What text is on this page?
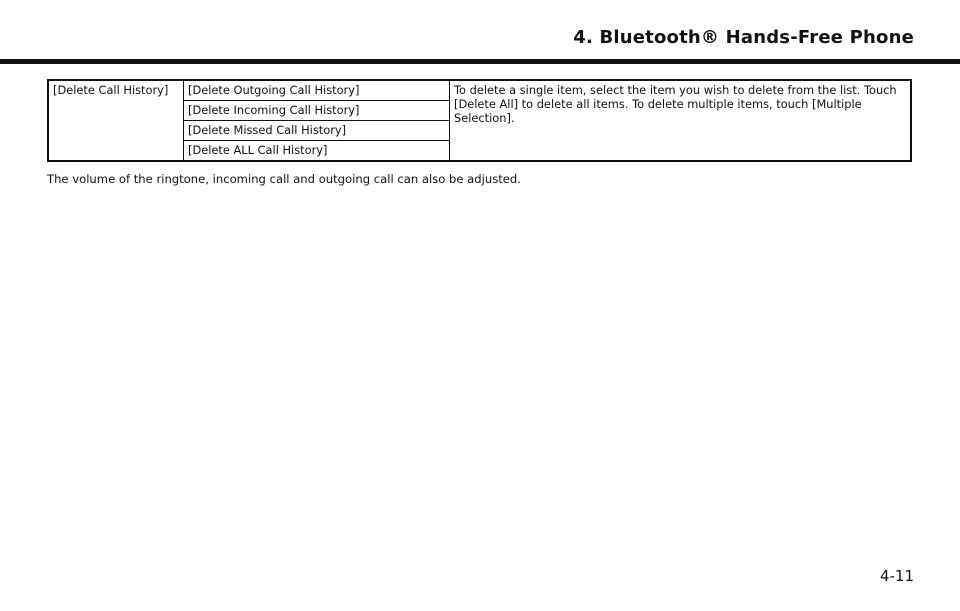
4. Bluetooth® Hands-Free Phone
[Delete Call History]	[Delete Outgoing Call History]	To delete a single item, select the item you wish to delete from the list. Touch [Delete All] to delete all items. To delete multiple items, touch [Multiple Selection].
[Delete Incoming Call History]
[Delete Missed Call History]
[Delete ALL Call History]

The volume of the ringtone, incoming call and outgoing call can also be adjusted.

4-11
